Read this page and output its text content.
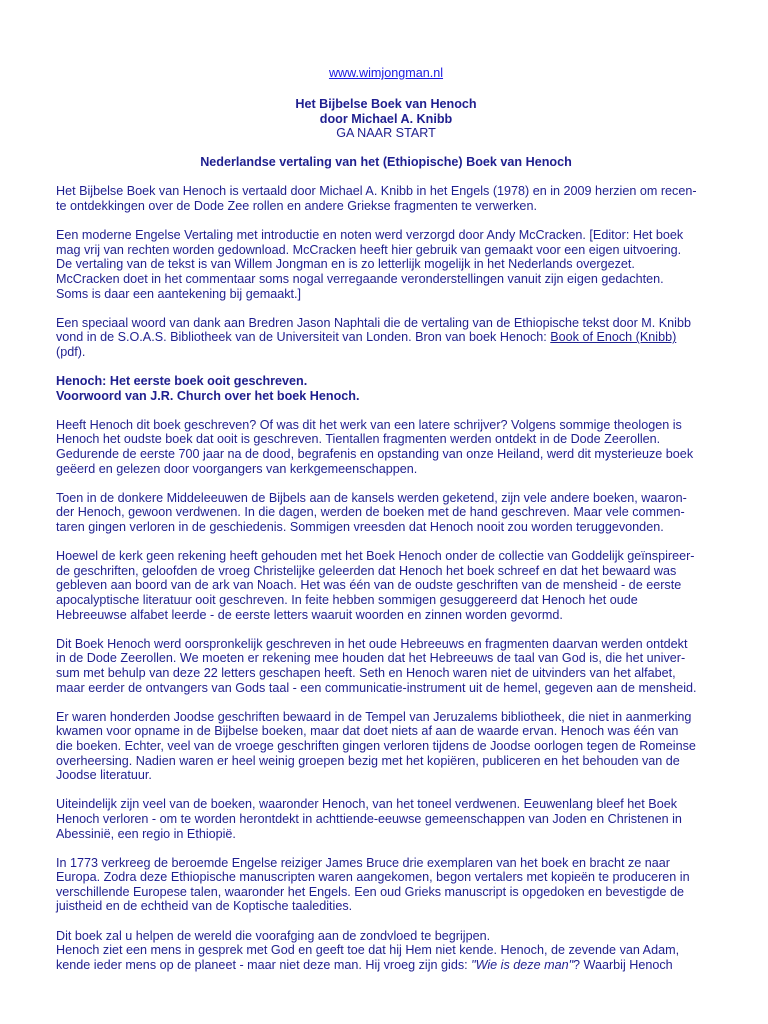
www.wimjongman.nl
Het Bijbelse Boek van Henoch
door Michael A. Knibb
GA NAAR START
Nederlandse vertaling van het (Ethiopische) Boek van Henoch

Het Bijbelse Boek van Henoch is vertaald door Michael A. Knibb in het Engels (1978) en in 2009 herzien om recen-
te ontdekkingen over de Dode Zee rollen en andere Griekse fragmenten te verwerken.

Een moderne Engelse Vertaling met introductie en noten werd verzorgd door Andy McCracken. [Editor: Het boek
mag vrij van rechten worden gedownload. McCracken heeft hier gebruik van gemaakt voor een eigen uitvoering.
De vertaling van de tekst is van Willem Jongman en is zo letterlijk mogelijk in het Nederlands overgezet.
McCracken doet in het commentaar soms nogal verregaande veronderstellingen vanuit zijn eigen gedachten.
Soms is daar een aantekening bij gemaakt.]

Een speciaal woord van dank aan Bredren Jason Naphtali die de vertaling van de Ethiopische tekst door M. Knibb
vond in de S.O.A.S. Bibliotheek van de Universiteit van Londen. Bron van boek Henoch: Book of Enoch (Knibb)
(pdf).

Henoch: Het eerste boek ooit geschreven.
Voorwoord van J.R. Church over het boek Henoch.

Heeft Henoch dit boek geschreven? Of was dit het werk van een latere schrijver? Volgens sommige theologen is
Henoch het oudste boek dat ooit is geschreven. Tientallen fragmenten werden ontdekt in de Dode Zeerollen.
Gedurende de eerste 700 jaar na de dood, begrafenis en opstanding van onze Heiland, werd dit mysterieuze boek
geëerd en gelezen door voorgangers van kerkgemeenschappen.

Toen in de donkere Middeleeuwen de Bijbels aan de kansels werden geketend, zijn vele andere boeken, waaron-
der Henoch, gewoon verdwenen. In die dagen, werden de boeken met de hand geschreven. Maar vele commen-
taren gingen verloren in de geschiedenis. Sommigen vreesden dat Henoch nooit zou worden teruggevonden.

Hoewel de kerk geen rekening heeft gehouden met het Boek Henoch onder de collectie van Goddelijk geïnspireer-
de geschriften, geloofden de vroeg Christelijke geleerden dat Henoch het boek schreef en dat het bewaard was
gebleven aan boord van de ark van Noach. Het was één van de oudste geschriften van de mensheid - de eerste
apocalyptische literatuur ooit geschreven. In feite hebben sommigen gesuggereerd dat Henoch het oude
Hebreeuwse alfabet leerde - de eerste letters waaruit woorden en zinnen worden gevormd.

Dit Boek Henoch werd oorspronkelijk geschreven in het oude Hebreeuws en fragmenten daarvan werden ontdekt
in de Dode Zeerollen. We moeten er rekening mee houden dat het Hebreeuws de taal van God is, die het univer-
sum met behulp van deze 22 letters geschapen heeft. Seth en Henoch waren niet de uitvinders van het alfabet,
maar eerder de ontvangers van Gods taal - een communicatie-instrument uit de hemel, gegeven aan de mensheid.

Er waren honderden Joodse geschriften bewaard in de Tempel van Jeruzalems bibliotheek, die niet in aanmerking
kwamen voor opname in de Bijbelse boeken, maar dat doet niets af aan de waarde ervan. Henoch was één van
die boeken. Echter, veel van de vroege geschriften gingen verloren tijdens de Joodse oorlogen tegen de Romeinse
overheersing. Nadien waren er heel weinig groepen bezig met het kopiëren, publiceren en het behouden van de
Joodse literatuur.

Uiteindelijk zijn veel van de boeken, waaronder Henoch, van het toneel verdwenen. Eeuwenlang bleef het Boek
Henoch verloren - om te worden herontdekt in achttiende-eeuwse gemeenschappen van Joden en Christenen in
Abessinië, een regio in Ethiopië.

In 1773 verkreeg de beroemde Engelse reiziger James Bruce drie exemplaren van het boek en bracht ze naar
Europa. Zodra deze Ethiopische manuscripten waren aangekomen, begon vertalers met kopieën te produceren in
verschillende Europese talen, waaronder het Engels. Een oud Grieks manuscript is opgedoken en bevestigde de
juistheid en de echtheid van de Koptische taaledities.

Dit boek zal u helpen de wereld die voorafging aan de zondvloed te begrijpen.
Henoch ziet een mens in gesprek met God en geeft toe dat hij Hem niet kende. Henoch, de zevende van Adam,
kende ieder mens op de planeet - maar niet deze man. Hij vroeg zijn gids: "Wie is deze man"? Waarbij Henoch
